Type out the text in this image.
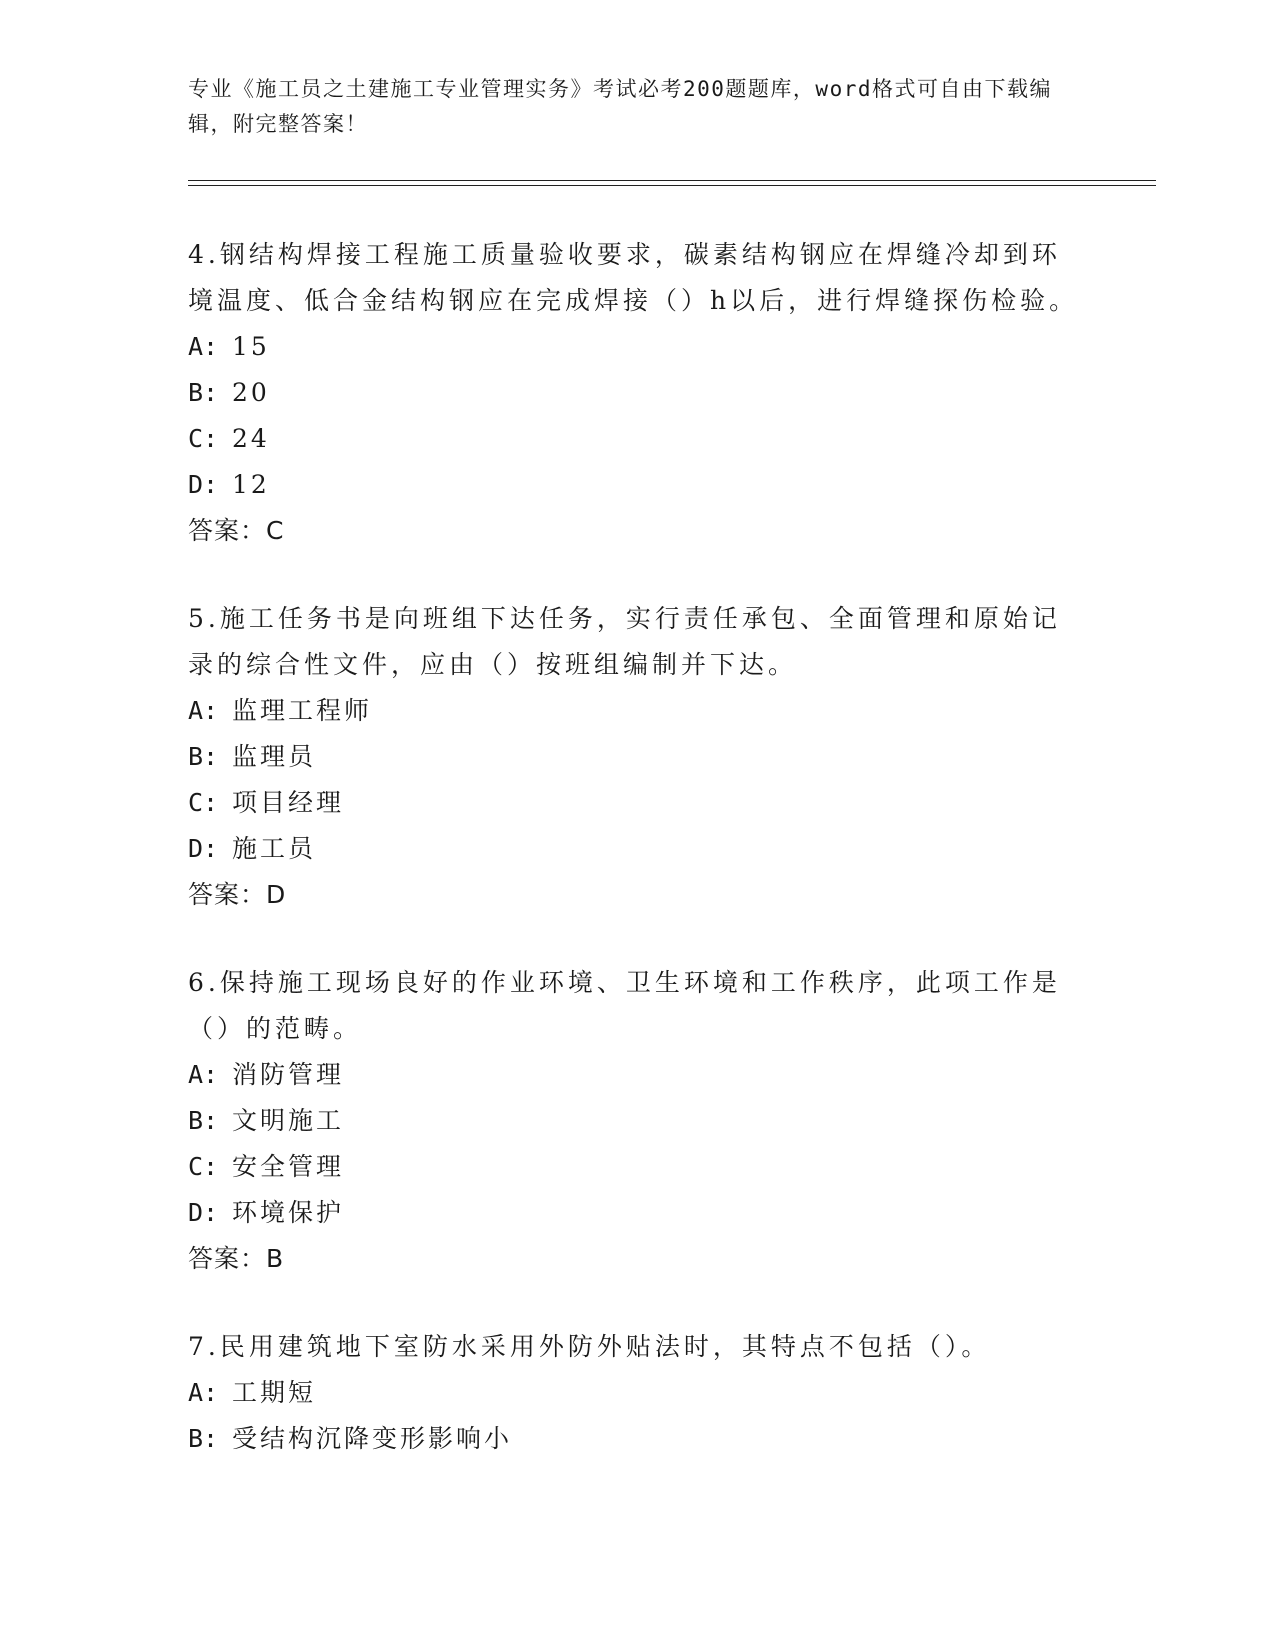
专业《施工员之土建施工专业管理实务》考试必考200题题库，word格式可自由下载编辑，附完整答案！

4.钢结构焊接工程施工质量验收要求，碳素结构钢应在焊缝冷却到环境温度、低合金结构钢应在完成焊接（）h以后，进行焊缝探伤检验。

A: 15
B: 20
C: 24
D: 12
答案：C

5.施工任务书是向班组下达任务，实行责任承包、全面管理和原始记录的综合性文件，应由（）按班组编制并下达。

A: 监理工程师
B: 监理员
C: 项目经理
D: 施工员
答案：D

6.保持施工现场良好的作业环境、卫生环境和工作秩序，此项工作是（）的范畴。

A: 消防管理
B: 文明施工
C: 安全管理
D: 环境保护
答案：B

7.民用建筑地下室防水采用外防外贴法时，其特点不包括（）。

A: 工期短
B: 受结构沉降变形影响小
